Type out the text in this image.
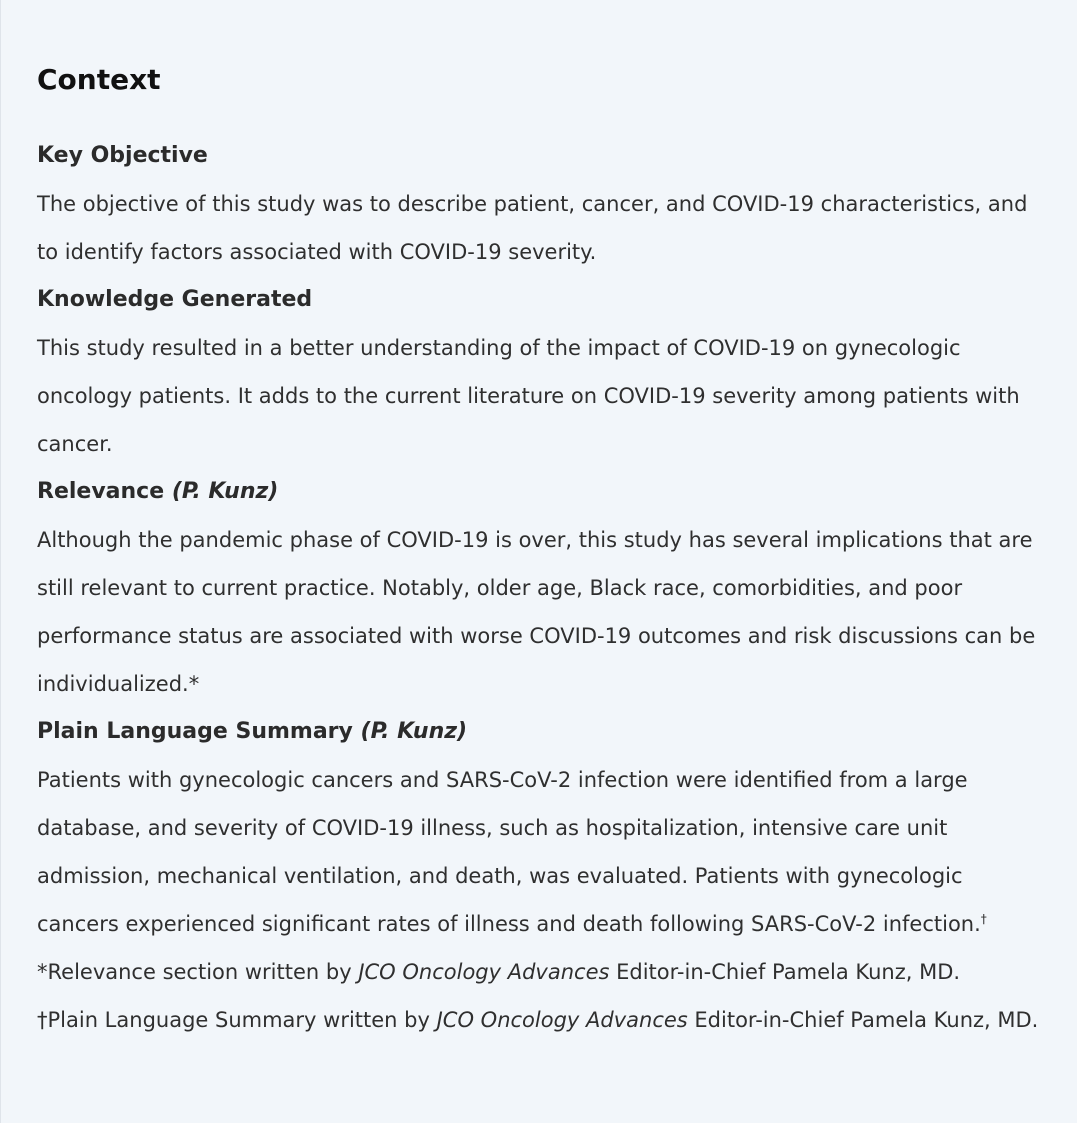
Context

Key Objective

The objective of this study was to describe patient, cancer, and COVID-19 characteristics, and to identify factors associated with COVID-19 severity.

Knowledge Generated

This study resulted in a better understanding of the impact of COVID-19 on gynecologic oncology patients. It adds to the current literature on COVID-19 severity among patients with cancer.

Relevance (P. Kunz)

Although the pandemic phase of COVID-19 is over, this study has several implications that are still relevant to current practice. Notably, older age, Black race, comorbidities, and poor performance status are associated with worse COVID-19 outcomes and risk discussions can be individualized.*

Plain Language Summary (P. Kunz)

Patients with gynecologic cancers and SARS-CoV-2 infection were identified from a large database, and severity of COVID-19 illness, such as hospitalization, intensive care unit admission, mechanical ventilation, and death, was evaluated. Patients with gynecologic cancers experienced significant rates of illness and death following SARS-CoV-2 infection.†

*Relevance section written by JCO Oncology Advances Editor-in-Chief Pamela Kunz, MD.

†Plain Language Summary written by JCO Oncology Advances Editor-in-Chief Pamela Kunz, MD.
